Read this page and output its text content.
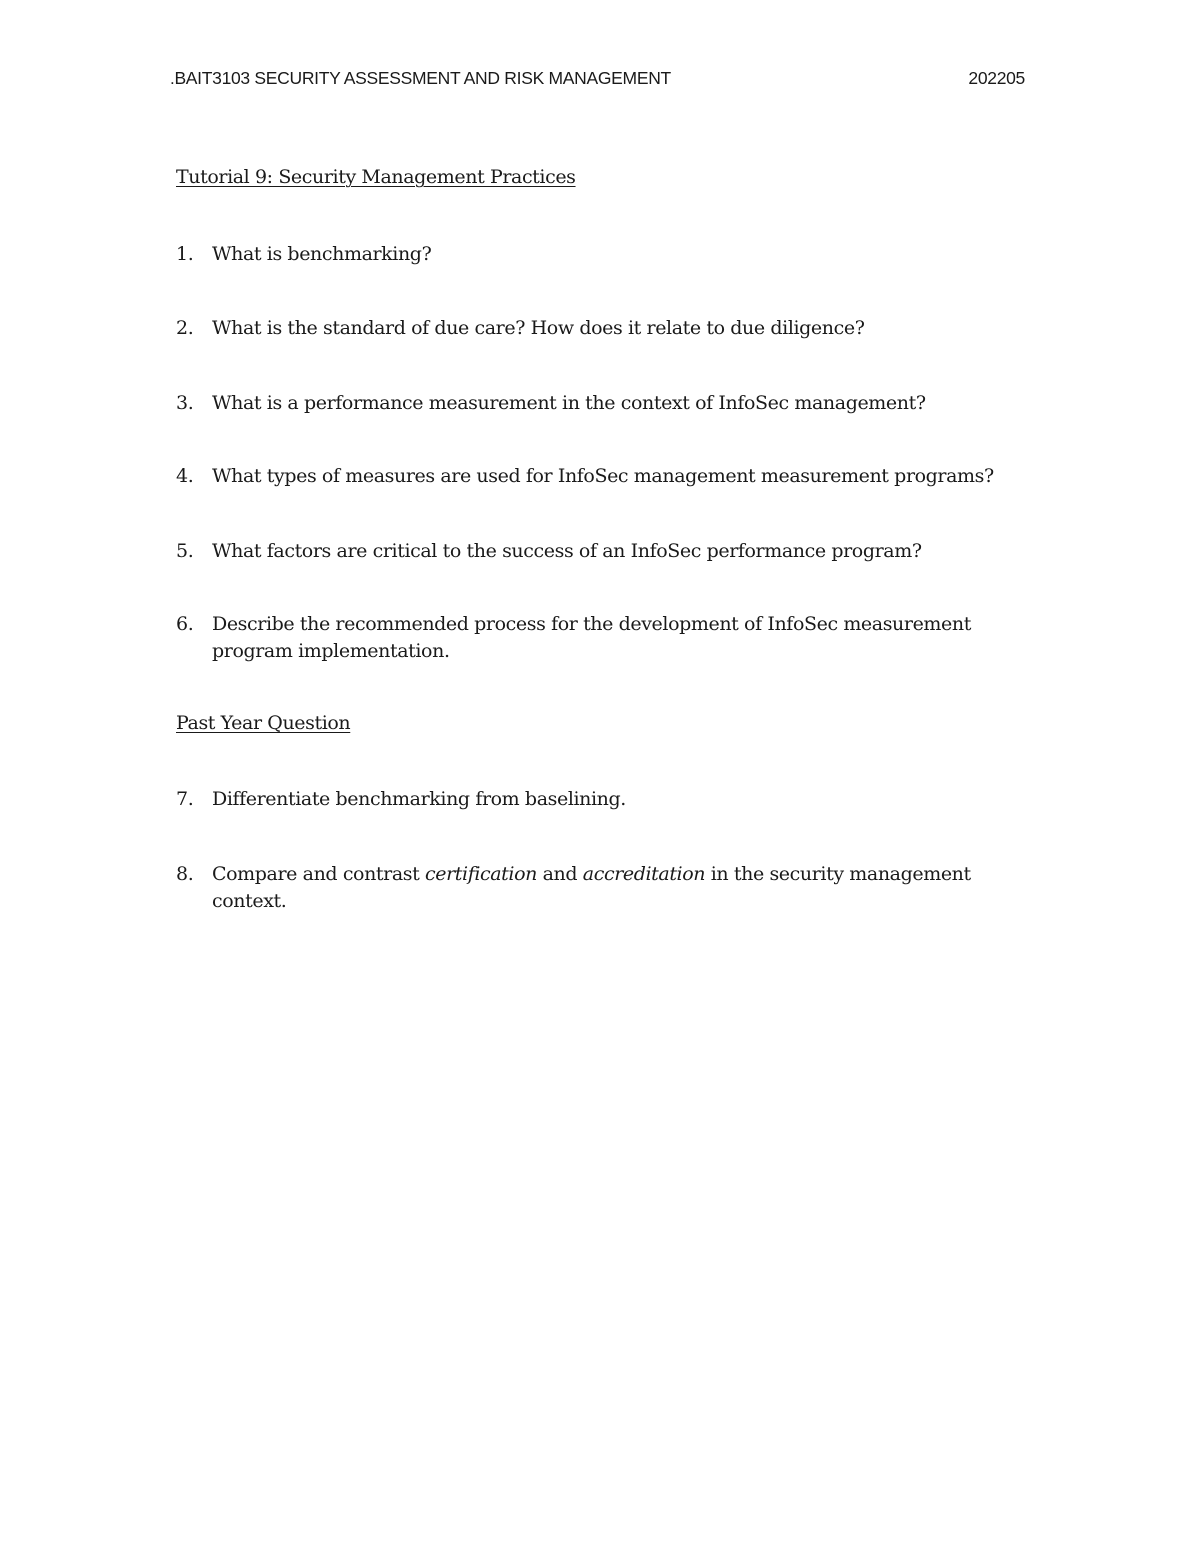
.BAIT3103 SECURITY ASSESSMENT AND RISK MANAGEMENT	202205
Tutorial 9: Security Management Practices
1. What is benchmarking?
2. What is the standard of due care? How does it relate to due diligence?
3. What is a performance measurement in the context of InfoSec management?
4. What types of measures are used for InfoSec management measurement programs?
5. What factors are critical to the success of an InfoSec performance program?
6. Describe the recommended process for the development of InfoSec measurement program implementation.
Past Year Question
7. Differentiate benchmarking from baselining.
8. Compare and contrast certification and accreditation in the security management context.
